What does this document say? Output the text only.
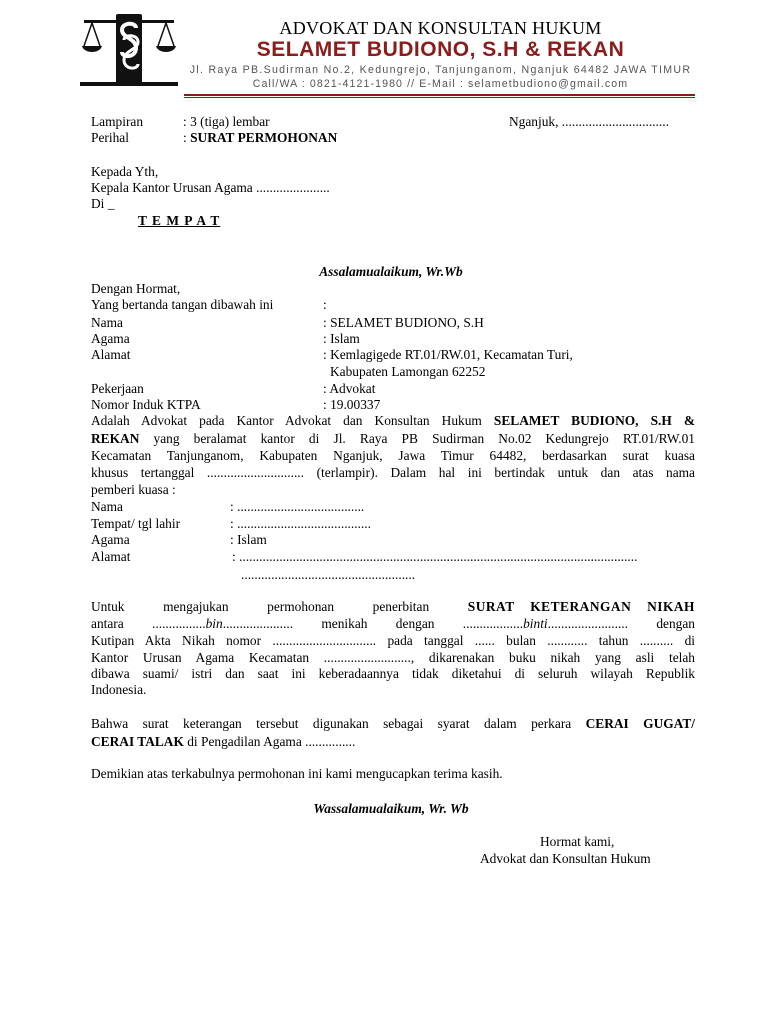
ADVOKAT DAN KONSULTAN HUKUM
SELAMET BUDIONO, S.H & REKAN
Jl. Raya PB.Sudirman No.2, Kedungrejo, Tanjunganom, Nganjuk 64482 JAWA TIMUR
Call/WA : 0821-4121-1980 // E-Mail : selametbudiono@gmail.com
Lampiran	: 3 (tiga) lembar
Perihal	: SURAT PERMOHONAN
Nganjuk, ................................
Kepada Yth,
Kepala Kantor Urusan Agama ......................
Di _
T E M P A T
Assalamualaikum, Wr.Wb
Dengan Hormat,
Yang bertanda tangan dibawah ini	:
Nama	: SELAMET BUDIONO, S.H
Agama	: Islam
Alamat	: Kemlagigede RT.01/RW.01, Kecamatan Turi,
Kabupaten Lamongan 62252
Pekerjaan	: Advokat
Nomor Induk KTPA	: 19.00337
Adalah Advokat pada Kantor Advokat dan Konsultan Hukum SELAMET BUDIONO, S.H &
REKAN yang beralamat kantor di Jl. Raya PB Sudirman No.02 Kedungrejo RT.01/RW.01
Kecamatan Tanjunganom, Kabupaten Nganjuk, Jawa Timur 64482, berdasarkan surat kuasa
khusus tertanggal ............................. (terlampir). Dalam hal ini bertindak untuk dan atas nama
pemberi kuasa :
Nama	: ......................................
Tempat/ tgl lahir	: ........................................
Agama	: Islam
Alamat	: .......................................................................................................................
....................................................
Untuk	mengajukan	permohonan	penerbitan	SURAT KETERANGAN NIKAH
antara ................bin..................... menikah dengan ..................binti........................ dengan
Kutipan Akta Nikah nomor ............................... pada tanggal ...... bulan ............ tahun .......... di
Kantor Urusan Agama Kecamatan .........................., dikarenakan buku nikah yang asli telah
dibawa suami/ istri dan saat ini keberadaannya tidak diketahui di seluruh wilayah Republik
Indonesia.
Bahwa surat keterangan tersebut digunakan sebagai syarat dalam perkara CERAI GUGAT/
CERAI TALAK di Pengadilan Agama ...............
Demikian atas terkabulnya permohonan ini kami mengucapkan terima kasih.
Wassalamualaikum, Wr. Wb
Hormat kami,
Advokat dan Konsultan Hukum
